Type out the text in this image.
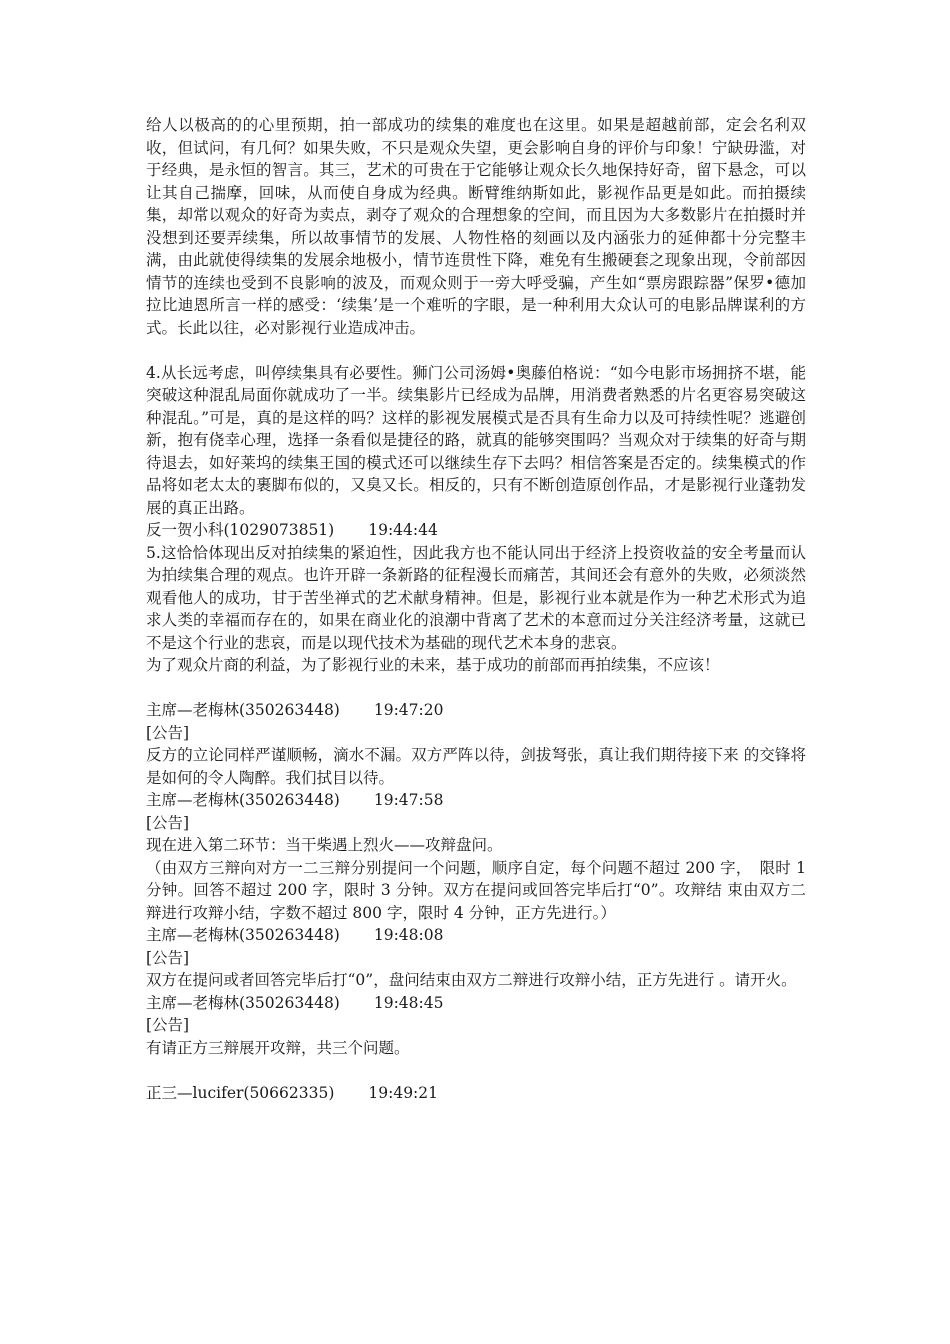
给人以极高的的心里预期，拍一部成功的续集的难度也在这里。如果是超越前部，定会名利双收，但试问，有几何？如果失败，不只是观众失望，更会影响自身的评价与印象！宁缺毋滥，对于经典，是永恒的智言。其三，艺术的可贵在于它能够让观众长久地保持好奇，留下悬念，可以让其自己揣摩，回味，从而使自身成为经典。断臂维纳斯如此，影视作品更是如此。而拍摄续集，却常以观众的好奇为卖点，剥夺了观众的合理想象的空间，而且因为大多数影片在拍摄时并没想到还要弄续集，所以故事情节的发展、人物性格的刻画以及内涵张力的延伸都十分完整丰满，由此就使得续集的发展余地极小，情节连贯性下降，难免有生搬硬套之现象出现，令前部因情节的连续也受到不良影响的波及，而观众则于一旁大呼受骗，产生如“票房跟踪器”保罗•德加拉比迪恩所言一样的感受：‘续集’是一个难听的字眼，是一种利用大众认可的电影品牌谋利的方式。长此以往，必对影视行业造成冲击。

4.从长远考虑，叫停续集具有必要性。狮门公司汤姆•奥藤伯格说：“如今电影市场拥挤不堪，能突破这种混乱局面你就成功了一半。续集影片已经成为品牌，用消费者熟悉的片名更容易突破这种混乱。”可是，真的是这样的吗？这样的影视发展模式是否具有生命力以及可持续性呢？逃避创新，抱有侥幸心理，选择一条看似是捷径的路，就真的能够突围吗？当观众对于续集的好奇与期待退去，如好莱坞的续集王国的模式还可以继续生存下去吗？相信答案是否定的。续集模式的作品将如老太太的裹脚布似的，又臭又长。相反的，只有不断创造原创作品，才是影视行业蓬勃发展的真正出路。

反一贺小科(1029073851) 19:44:44

5.这恰恰体现出反对拍续集的紧迫性，因此我方也不能认同出于经济上投资收益的安全考量而认为拍续集合理的观点。也许开辟一条新路的征程漫长而痛苦，其间还会有意外的失败，必须淡然观看他人的成功，甘于苦坐禅式的艺术献身精神。但是，影视行业本就是作为一种艺术形式为追求人类的幸福而存在的，如果在商业化的浪潮中背离了艺术的本意而过分关注经济考量，这就已不是这个行业的悲哀，而是以现代技术为基础的现代艺术本身的悲哀。

为了观众片商的利益，为了影视行业的未来，基于成功的前部而再拍续集，不应该！

主席—老梅林(350263448) 19:47:20

[公告]

反方的立论同样严谨顺畅，滴水不漏。双方严阵以待，剑拔弩张，真让我们期待接下来 的交锋将是如何的令人陶醉。我们拭目以待。

主席—老梅林(350263448) 19:47:58

[公告]

现在进入第二环节：当干柴遇上烈火——攻辩盘问。

（由双方三辩向对方一二三辩分别提问一个问题，顺序自定，每个问题不超过 200 字，　限时 1 分钟。回答不超过 200 字，限时 3 分钟。双方在提问或回答完毕后打“0”。攻辩结 束由双方二辩进行攻辩小结，字数不超过 800 字，限时 4 分钟，正方先进行。）

主席—老梅林(350263448) 19:48:08

[公告]

双方在提问或者回答完毕后打“0”，盘问结束由双方二辩进行攻辩小结，正方先进行 。请开火。

主席—老梅林(350263448) 19:48:45

[公告]

有请正方三辩展开攻辩，共三个问题。

正三—lucifer(50662335) 19:49:21
